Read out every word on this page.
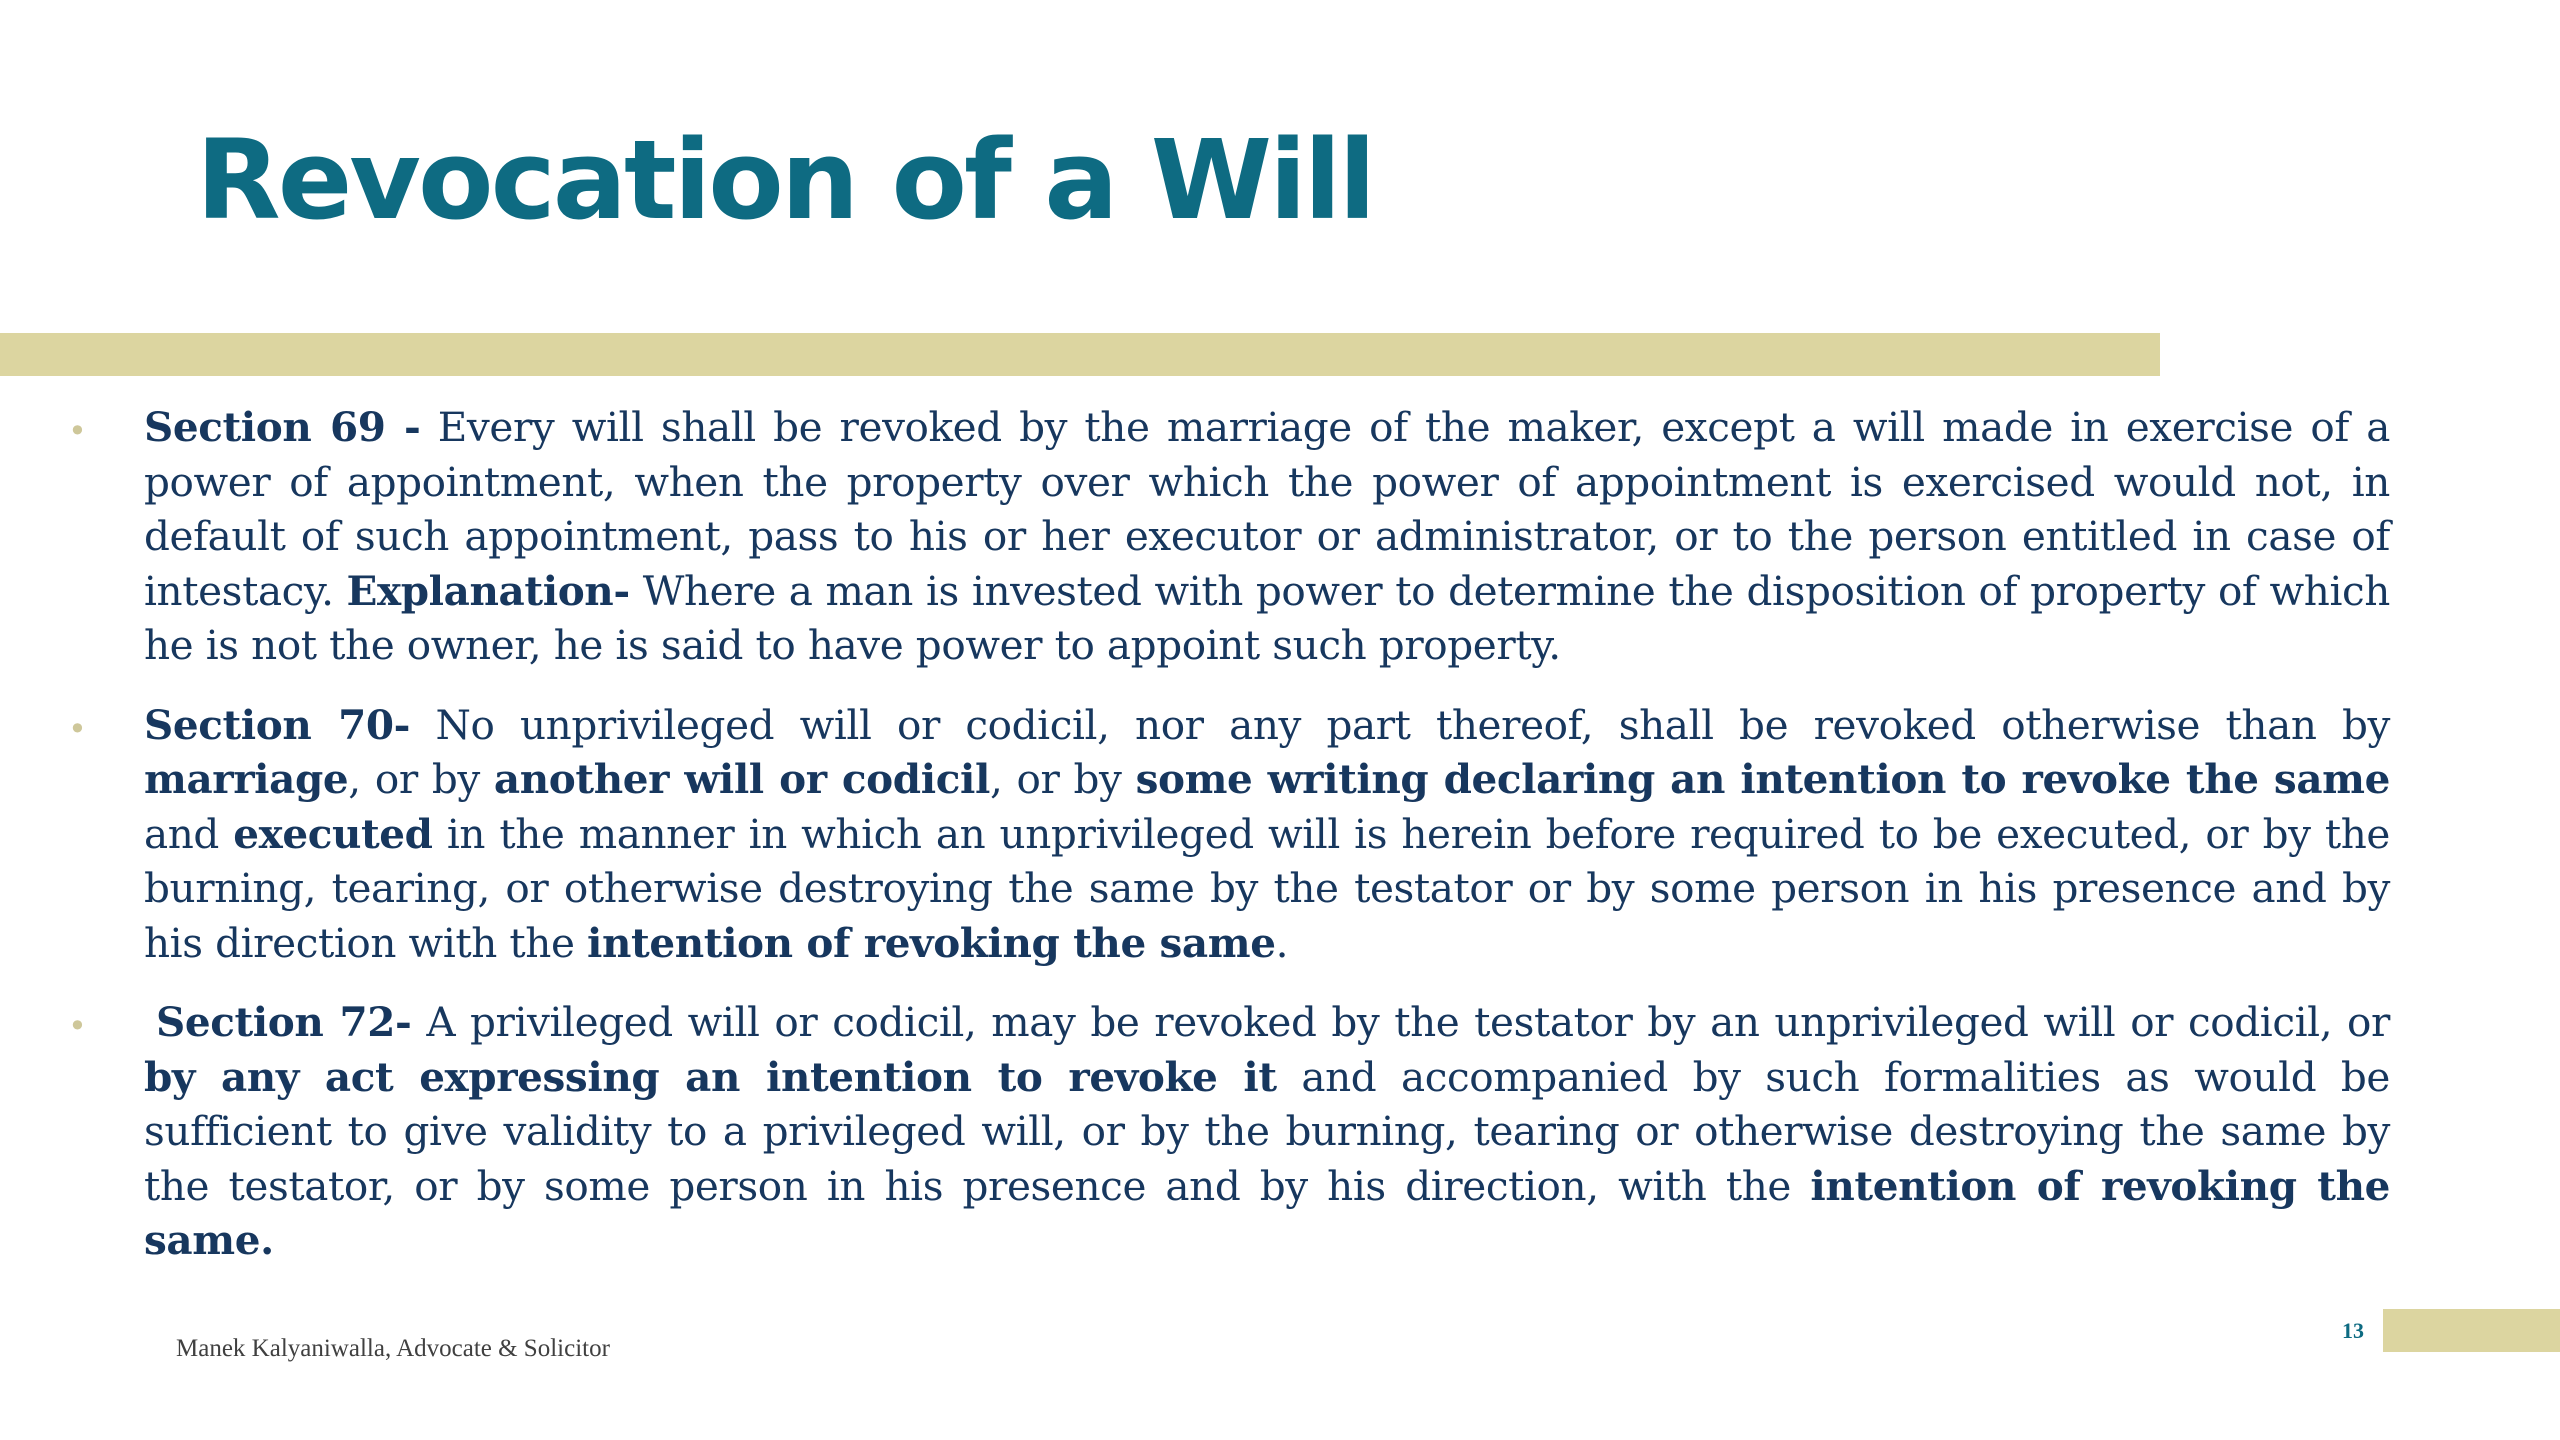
Revocation of a Will
• Section 69 - Every will shall be revoked by the marriage of the maker, except a will made in exercise of a power of appointment, when the property over which the power of appointment is exercised would not, in default of such appointment, pass to his or her executor or administrator, or to the person entitled in case of intestacy. Explanation- Where a man is invested with power to determine the disposition of property of which he is not the owner, he is said to have power to appoint such property.

• Section 70- No unprivileged will or codicil, nor any part thereof, shall be revoked otherwise than by marriage, or by another will or codicil, or by some writing declaring an intention to revoke the same and executed in the manner in which an unprivileged will is herein before required to be executed, or by the burning, tearing, or otherwise destroying the same by the testator or by some person in his presence and by his direction with the intention of revoking the same.

• Section 72- A privileged will or codicil, may be revoked by the testator by an unprivileged will or codicil, or by any act expressing an intention to revoke it and accompanied by such formalities as would be sufficient to give validity to a privileged will, or by the burning, tearing or otherwise destroying the same by the testator, or by some person in his presence and by his direction, with the intention of revoking the same.

Manek Kalyaniwalla, Advocate & Solicitor
13
